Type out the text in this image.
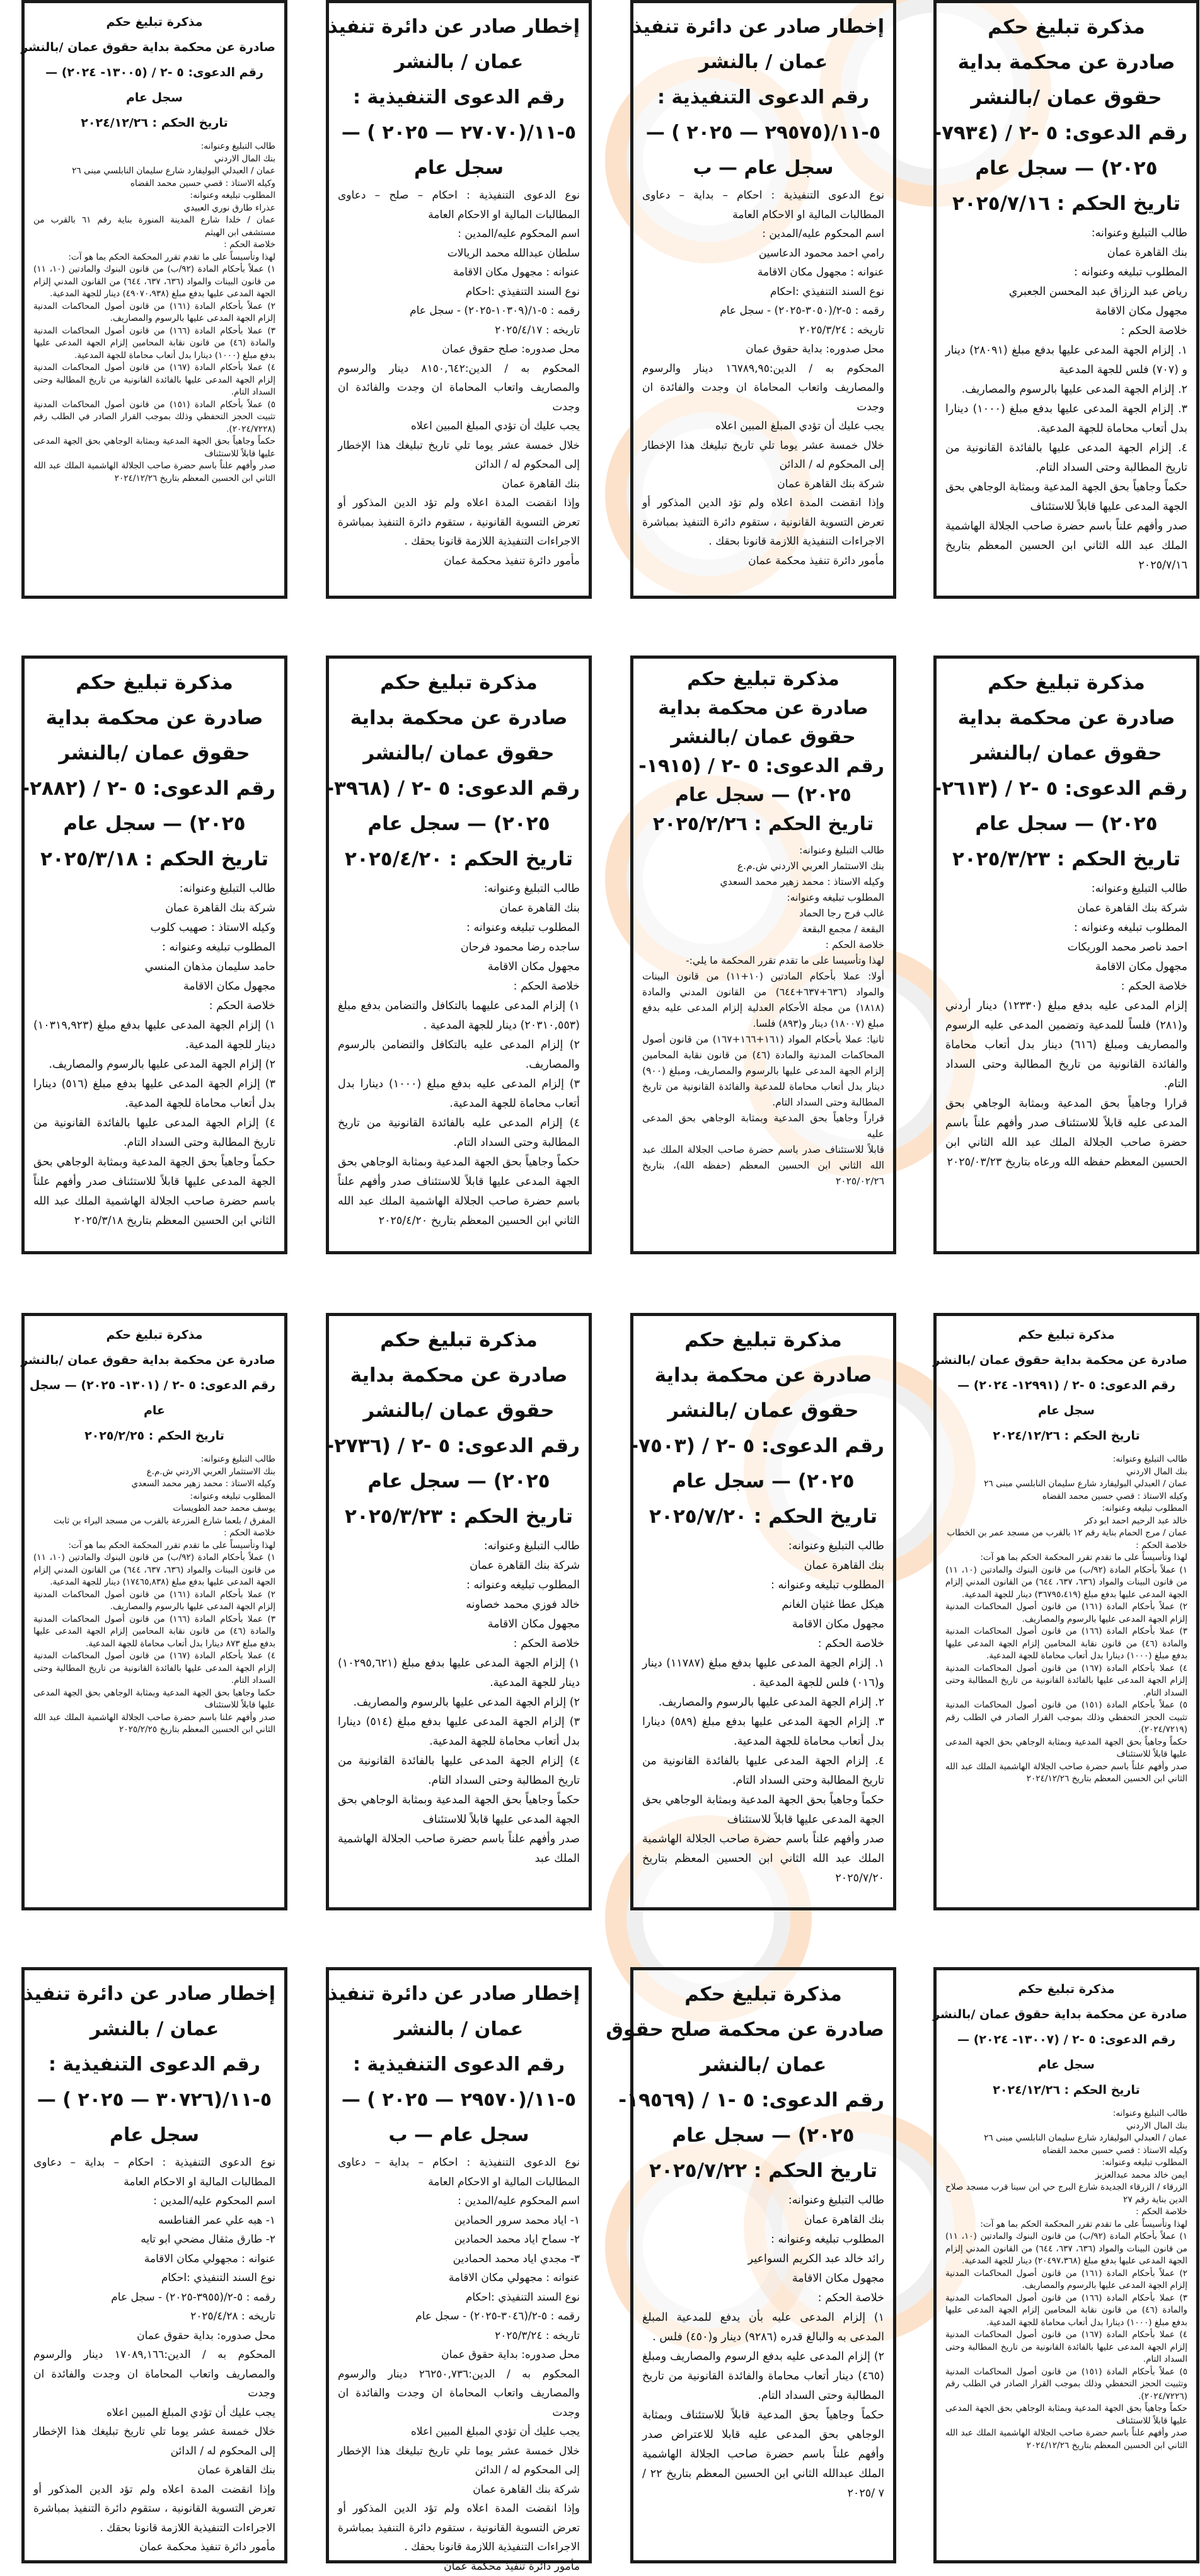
مذكرة تبليغ حكم
صادرة عن محكمة بداية
حقوق عمان /بالنشر
رقم الدعوى: ٥ -٢ / (٧٩٣٤-
٢٠٢٥) — سجل عام
تاريخ الحكم : ٢٠٢٥/٧/١٦

طالب التبليغ وعنوانه:

بنك القاهرة عمان

المطلوب تبليغه وعنوانه :

رياض عبد الرزاق عبد المحسن الجعبري

مجهول مكان الاقامة

خلاصة الحكم :

١. إلزام الجهة المدعى عليها بدفع مبلغ (٢٨٠٩١) دينار و (٧٠٧) فلس للجهة المدعية

٢. إلزام الجهة المدعى عليها بالرسوم والمصاريف.

٣. إلزام الجهة المدعى عليها بدفع مبلغ (١٠٠٠) دينارا بدل أتعاب محاماة للجهة المدعية.

٤. إلزام الجهة المدعى عليها بالفائدة القانونية من تاريخ المطالبة وحتى السداد التام.

حكماً وجاهياً بحق الجهة المدعية وبمثابة الوجاهي بحق الجهة المدعى عليها قابلاً للاستئناف

صدر وأفهم علناً باسم حضرة صاحب الجلالة الهاشمية الملك عبد الله الثاني ابن الحسين المعظم بتاريخ ٢٠٢٥/٧/١٦

إخطار صادر عن دائرة تنفيذ
عمان / بالنشر
رقم الدعوى التنفيذية :
٥-١١/(٢٩٥٧٥ — ٢٠٢٥ ) —
سجل عام — ب

نوع الدعوى التنفيذية : احكام – بداية – دعاوى المطالبات المالية او الاحكام العامة

اسم المحكوم عليه/المدين :

رامي احمد محمود الدعاسين

عنوانه : مجهول مكان الاقامة

نوع السند التنفيذي :احكام

رقمه : ٥-٢/(٣٠٥٠-٢٠٢٥) - سجل عام

تاريخه : ٢٠٢٥/٣/٢٤

محل صدوره: بداية حقوق عمان

المحكوم به / الدين:١٦٧٨٩,٩٥ دينار والرسوم والمصاريف واتعاب المحاماة ان وجدت والفائدة ان وجدت

يجب عليك أن تؤدي المبلغ المبين اعلاه

خلال خمسة عشر يوما تلي تاريخ تبليغك هذا الإخطار إلى المحكوم له / الدائن

شركة بنك القاهرة عمان

وإذا انقضت المدة اعلاه ولم تؤد الدين المذكور أو تعرض التسوية القانونية ، ستقوم دائرة التنفيذ بمباشرة الاجراءات التنفيذية اللازمة قانونا بحقك .

مأمور دائرة تنفيذ محكمة عمان

إخطار صادر عن دائرة تنفيذ
عمان / بالنشر
رقم الدعوى التنفيذية :
٥-١١/(٢٧٠٧٠ — ٢٠٢٥ ) —
سجل عام

نوع الدعوى التنفيذية : احكام – صلح – دعاوى المطالبات المالية او الاحكام العامة

اسم المحكوم عليه/المدين :

سلطان عبدالله محمد الريالات

عنوانه : مجهول مكان الاقامة

نوع السند التنفيذي :احكام

رقمه : ٥-١/(١٠٣٠٩-٢٠٢٥) - سجل عام

تاريخه : ٢٠٢٥/٤/١٧

محل صدوره: صلح حقوق عمان

المحكوم به / الدين:٨١٥٠,٦٤٢ دينار والرسوم والمصاريف واتعاب المحاماة ان وجدت والفائدة ان وجدت

يجب عليك أن تؤدي المبلغ المبين اعلاه

خلال خمسة عشر يوما تلي تاريخ تبليغك هذا الإخطار إلى المحكوم له / الدائن

بنك القاهرة عمان

وإذا انقضت المدة اعلاه ولم تؤد الدين المذكور أو تعرض التسوية القانونية ، ستقوم دائرة التنفيذ بمباشرة الاجراءات التنفيذية اللازمة قانونا بحقك .

مأمور دائرة تنفيذ محكمة عمان

مذكرة تبليغ حكم
صادرة عن محكمة بداية حقوق عمان /بالنشر
رقم الدعوى: ٥ -٢ / (١٣٠٠٥- ٢٠٢٤) —
سجل عام
تاريخ الحكم : ٢٠٢٤/١٢/٢٦

طالب التبليغ وعنوانه:

بنك المال الاردني

عمان / العبدلي البوليفارد شارع سليمان النابلسي مبنى ٢٦

وكيله الاستاذ : قصي حسين محمد القضاه

المطلوب تبليغه وعنوانه:

عذراء طارق نوري العبيدي

عمان / خلدا شارع المدينة المنورة بناية رقم ٦١ بالقرب من مستشفى ابن الهيثم

خلاصة الحكم :

لهذا وتأسيساً على ما تقدم تقرر المحكمة الحكم بما هو آت:

١) عملاً بأحكام المادة (٩٢/ب) من قانون البنوك والمادتين (١٠، ١١) من قانون البينات والمواد (٦٣٦، ٦٣٧، ٦٤٤) من القانون المدني إلزام الجهة المدعى عليها بدفع مبلغ (٤٩٠٧٠،٩٣٨) دينار للجهة المدعية.

٢) عملاً بأحكام المادة (١٦١) من قانون أصول المحاكمات المدنية إلزام الجهة المدعى عليها بالرسوم والمصاريف.

٣) عملا بأحكام المادة (١٦٦) من قانون أصول المحاكمات المدنية والمادة (٤٦) من قانون نقابة المحامين إلزام الجهة المدعى عليها بدفع مبلغ (١٠٠٠) دينارا بدل أتعاب محاماة للجهة المدعية.

٤) عملا بأحكام المادة (١٦٧) من قانون أصول المحاكمات المدنية إلزام الجهة المدعى عليها بالفائدة القانونية من تاريخ المطالبة وحتى السداد التام.

٥) عملاً بأحكام المادة (١٥١) من قانون أصول المحاكمات المدنية تثبيت الحجز التحفظي وذلك بموجب القرار الصادر في الطلب رقم (٢٠٢٤/٧٢٢٨).

حكماً وجاهياً بحق الجهة المدعية وبمثابة الوجاهي بحق الجهة المدعى عليها قابلاً للاستئناف

صدر وأفهم علناً باسم حضرة صاحب الجلالة الهاشمية الملك عبد الله الثاني ابن الحسين المعظم بتاريخ ٢٠٢٤/١٢/٢٦

مذكرة تبليغ حكم
صادرة عن محكمة بداية
حقوق عمان /بالنشر
رقم الدعوى: ٥ -٢ / (٢٦١٣-
٢٠٢٥) — سجل عام
تاريخ الحكم : ٢٠٢٥/٣/٢٣

طالب التبليغ وعنوانه:

شركة بنك القاهرة عمان

المطلوب تبليغه وعنوانه :

احمد ناصر محمد الوريكات

مجهول مكان الاقامة

خلاصة الحكم :

إلزام المدعى عليه بدفع مبلغ (١٢٣٣٠) دينار أردني و(٢٨١) فلساً للمدعية وتضمين المدعى عليه الرسوم والمصاريف ومبلغ (٦١٦) دينار بدل أتعاب محاماة والفائدة القانونية من تاريخ المطالبة وحتى السداد التام.

قرارا وجاهياً بحق المدعية وبمثابة الوجاهي بحق المدعى عليه قابلاً للاستئناف صدر وأفهم علناً باسم حضرة صاحب الجلالة الملك عبد الله الثاني ابن الحسين المعظم حفظه الله ورعاه بتاريخ ٢٠٢٥/٠٣/٢٣

مذكرة تبليغ حكم
صادرة عن محكمة بداية
حقوق عمان /بالنشر
رقم الدعوى: ٥ -٢ / (١٩١٥-
٢٠٢٥) — سجل عام
تاريخ الحكم : ٢٠٢٥/٢/٢٦

طالب التبليغ وعنوانه:

بنك الاستثمار العربي الاردني ش.م.ع

وكيله الاستاذ : محمد زهير محمد السعدي

المطلوب تبليغه وعنوانه:

غالب فرج رجا الحماد

البقعة / مجمع البقعة

خلاصة الحكم :

لهذا وتأسيسا على ما تقدم تقرر المحكمة ما يلي:-

أولا: عملا بأحكام المادتين (١٠+١١) من قانون البينات والمواد (٦٣٦+٦٣٧+٦٤٤) من القانون المدني والمادة (١٨١٨) من مجلة الأحكام العدلية إلزام المدعى عليه بدفع مبلغ (١٨٠٠٧) دينار و(٨٩٣) فلسا.

ثانيا: عملا بأحكام المواد (١٦١+١٦٦+١٦٧) من قانون أصول المحاكمات المدنية والمادة (٤٦) من قانون نقابة المحامين إلزام الجهة المدعى عليها بالرسوم والمصاريف، ومبلغ (٩٠٠) دينار بدل أتعاب محاماة للمدعية والفائدة القانونية من تاريخ المطالبة وحتى السداد التام.

قراراً وجاهياً بحق المدعية وبمثابة الوجاهي بحق المدعى عليه

قابلاً للاستئناف صدر باسم حضرة صاحب الجلالة الملك عبد الله الثاني ابن الحسين المعظم (حفظه الله)، بتاريخ ٢٠٢٥/٠٢/٢٦

مذكرة تبليغ حكم
صادرة عن محكمة بداية
حقوق عمان /بالنشر
رقم الدعوى: ٥ -٢ / (٣٩٦٨-
٢٠٢٥) — سجل عام
تاريخ الحكم : ٢٠٢٥/٤/٢٠

طالب التبليغ وعنوانه:

بنك القاهرة عمان

المطلوب تبليغه وعنوانه :

ساجده رضا محمود فرحان

مجهول مكان الاقامة

خلاصة الحكم :

١) إلزام المدعى عليهما بالتكافل والتضامن بدفع مبلغ (٢٠٣١٠,٥٥٣) دينار للجهة المدعية .

٢) إلزام المدعى عليه بالتكافل والتضامن بالرسوم والمصاريف.

٣) إلزام المدعى عليه بدفع مبلغ (١٠٠٠) دينارا بدل أتعاب محاماة للجهة المدعية.

٤) إلزام المدعى عليه بالفائدة القانونية من تاريخ المطالبة وحتى السداد التام.

حكماً وجاهياً بحق الجهة المدعية وبمثابة الوجاهي بحق الجهة المدعى عليها قابلاً للاستئناف صدر وأفهم علناً باسم حضرة صاحب الجلالة الهاشمية الملك عبد الله الثاني ابن الحسين المعظم بتاريخ ٢٠٢٥/٤/٢٠

مذكرة تبليغ حكم
صادرة عن محكمة بداية
حقوق عمان /بالنشر
رقم الدعوى: ٥ -٢ / (٢٨٨٢-
٢٠٢٥) — سجل عام
تاريخ الحكم : ٢٠٢٥/٣/١٨

طالب التبليغ وعنوانه:

شركة بنك القاهرة عمان

وكيله الاستاذ : صهيب كلوب

المطلوب تبليغه وعنوانه :

حامد سليمان مذهان المنسي

مجهول مكان الاقامة

خلاصة الحكم :

١) إلزام الجهة المدعى عليها بدفع مبلغ (١٠٣١٩,٩٢٣) دينار للجهة المدعية.

٢) إلزام الجهة المدعى عليها بالرسوم والمصاريف.

٣) إلزام الجهة المدعى عليها بدفع مبلغ (٥١٦) دينارا بدل أتعاب محاماة للجهة المدعية.

٤) إلزام الجهة المدعى عليها بالفائدة القانونية من تاريخ المطالبة وحتى السداد التام.

حكماً وجاهياً بحق الجهة المدعية وبمثابة الوجاهي بحق الجهة المدعى عليها قابلاً للاستئناف صدر وأفهم علناً باسم حضرة صاحب الجلالة الهاشمية الملك عبد الله الثاني ابن الحسين المعظم بتاريخ ٢٠٢٥/٣/١٨

مذكرة تبليغ حكم
صادرة عن محكمة بداية حقوق عمان /بالنشر
رقم الدعوى: ٥ -٢ / (١٢٩٩١- ٢٠٢٤) —
سجل عام
تاريخ الحكم : ٢٠٢٤/١٢/٢٦

طالب التبليغ وعنوانه:

بنك المال الاردني

عمان / العبدلي البوليفارد شارع سليمان النابلسي مبنى ٢٦

وكيله الاستاذ : قصي حسين محمد القضاه

المطلوب تبليغه وعنوانه:

خالد عبد الرحيم احمد ابو دكر

عمان / مرج الحمام بناية رقم ١٢ بالقرب من مسجد عمر بن الخطاب

خلاصة الحكم :

لهذا وتأسيساً على ما تقدم تقرر المحكمة الحكم بما هو آت:

١) عملاً بأحكام المادة (٩٢/ب) من قانون البنوك والمادتين (١٠، ١١) من قانون البينات والمواد (٦٣٦، ٦٣٧، ٦٤٤) من القانون المدني إلزام الجهة المدعى عليها بدفع مبلغ (٣٦٧٩٥،٤١٩) دينار للجهة المدعية.

٢) عملاً بأحكام المادة (١٦١) من قانون أصول المحاكمات المدنية إلزام الجهة المدعى عليها بالرسوم والمصاريف.

٣) عملا بأحكام المادة (١٦٦) من قانون أصول المحاكمات المدنية والمادة (٤٦) من قانون نقابة المحامين إلزام الجهة المدعى عليها بدفع مبلغ (١٠٠٠) دينارا بدل أتعاب محاماة للجهة المدعية.

٤) عملا بأحكام المادة (١٦٧) من قانون أصول المحاكمات المدنية إلزام الجهة المدعى عليها بالفائدة القانونية من تاريخ المطالبة وحتى السداد التام.

٥) عملاً بأحكام المادة (١٥١) من قانون أصول المحاكمات المدنية تثبيت الحجز التحفظي وذلك بموجب القرار الصادر في الطلب رقم (٢٠٢٤/٧٢١٩).

حكماً وجاهياً بحق الجهة المدعية وبمثابة الوجاهي بحق الجهة المدعى عليها قابلاً للاستئناف

صدر وأفهم علناً باسم حضرة صاحب الجلالة الهاشمية الملك عبد الله الثاني ابن الحسين المعظم بتاريخ ٢٠٢٤/١٢/٢٦

مذكرة تبليغ حكم
صادرة عن محكمة بداية
حقوق عمان /بالنشر
رقم الدعوى: ٥ -٢ / (٧٥٠٣-
٢٠٢٥) — سجل عام
تاريخ الحكم : ٢٠٢٥/٧/٢٠

طالب التبليغ وعنوانه:

بنك القاهرة عمان

المطلوب تبليغه وعنوانه :

هيكل عطا غثيان الغانم

مجهول مكان الاقامة

خلاصة الحكم :

١. إلزام الجهة المدعى عليها بدفع مبلغ (١١٧٨٧) دينار و(٠١٦) فلس للجهة المدعية .

٢. إلزام الجهة المدعى عليها بالرسوم والمصاريف.

٣. إلزام الجهة المدعى عليها بدفع مبلغ (٥٨٩) دينارا بدل أتعاب محاماة للجهة المدعية.

٤. إلزام الجهة المدعى عليها بالفائدة القانونية من تاريخ المطالبة وحتى السداد التام.

حكماً وجاهياً بحق الجهة المدعية وبمثابة الوجاهي بحق الجهة المدعى عليها قابلاً للاستئناف

صدر وأفهم علناً باسم حضرة صاحب الجلالة الهاشمية الملك عبد الله الثاني ابن الحسين المعظم بتاريخ ٢٠٢٥/٧/٢٠

مذكرة تبليغ حكم
صادرة عن محكمة بداية
حقوق عمان /بالنشر
رقم الدعوى: ٥ -٢ / (٢٧٣٦-
٢٠٢٥) — سجل عام
تاريخ الحكم : ٢٠٢٥/٣/٢٣

طالب التبليغ وعنوانه:

شركة بنك القاهرة عمان

المطلوب تبليغه وعنوانه :

خالد فوزي محمد خصاونه

مجهول مكان الاقامة

خلاصة الحكم :

١) إلزام الجهة المدعى عليها بدفع مبلغ (١٠٢٩٥,٦٢١) دينار للجهة المدعية.

٢) إلزام الجهة المدعى عليها بالرسوم والمصاريف.

٣) إلزام الجهة المدعى عليها بدفع مبلغ (٥١٤) دينارا بدل أتعاب محاماة للجهة المدعية.

٤) إلزام الجهة المدعى عليها بالفائدة القانونية من تاريخ المطالبة وحتى السداد التام.

حكماً وجاهياً بحق الجهة المدعية وبمثابة الوجاهي بحق الجهة المدعى عليها قابلاً للاستئناف

صدر وأفهم علناً باسم حضرة صاحب الجلالة الهاشمية الملك عبد

مذكرة تبليغ حكم
صادرة عن محكمة بداية حقوق عمان /بالنشر
رقم الدعوى: ٥ -٢ / (١٣٠١- ٢٠٢٥) — سجل
عام
تاريخ الحكم : ٢٠٢٥/٢/٢٥

طالب التبليغ وعنوانه:

بنك الاستثمار العربي الاردني ش.م.ع

وكيله الاستاذ : محمد زهير محمد السعدي

المطلوب تبليغه وعنوانه:

يوسف محمد حمد الطويسات

المفرق / بلعما شارع المزرعة بالقرب من مسجد البراء بن ثابت

خلاصة الحكم :

لهذا وتأسيساً على ما تقدم تقرر المحكمة الحكم بما هو آت:

١) عملاً بأحكام المادة (٩٢/ب) من قانون البنوك والمادتين (١٠، ١١) من قانون البينات والمواد (٦٣٦، ٦٣٧، ٦٤٤) من القانون المدني إلزام الجهة المدعى عليها بدفع مبلغ (١٧٤٦٥,٨٣٨) دينار للجهة المدعية.

٢) عملا بأحكام المادة (١٦١) من قانون أصول المحاكمات المدنية إلزام الجهة المدعى عليها بالرسوم والمصاريف.

٣) عملا بأحكام المادة (١٦٦) من قانون أصول المحاكمات المدنية والمادة (٤٦) من قانون نقابة المحامين إلزام الجهة المدعى عليها بدفع مبلغ ٨٧٣ دينارا بدل أتعاب محاماة للجهة المدعية.

٤) عملا بأحكام المادة (١٦٧) من قانون أصول المحاكمات المدنية إلزام الجهة المدعى عليها بالفائدة القانونية من تاريخ المطالبة وحتى السداد التام.

حكما وجاهيا بحق الجهة المدعية وبمثابة الوجاهي بحق الجهة المدعى عليها قابلاً للاستئناف

صدر وأفهم علنا باسم حضرة صاحب الجلالة الهاشمية الملك عبد الله الثاني ابن الحسين المعظم بتاريخ ٢٠٢٥/٢/٢٥

مذكرة تبليغ حكم
صادرة عن محكمة بداية حقوق عمان /بالنشر
رقم الدعوى: ٥ -٢ / (١٣٠٠٧- ٢٠٢٤) —
سجل عام
تاريخ الحكم : ٢٠٢٤/١٢/٢٦

طالب التبليغ وعنوانه:

بنك المال الاردني

عمان / العبدلي البوليفارد شارع سليمان النابلسي مبنى ٢٦

وكيله الاستاذ : قصي حسين محمد القضاه

المطلوب تبليغه وعنوانه:

ايمن خالد محمد عبدالعزيز

الزرقاء / الزرقاء الجديدة شارع البرج حي ابن سينا قرب مسجد صلاح الدين بناية رقم ٢٧

خلاصة الحكم :

لهذا وتأسيساً على ما تقدم تقرر المحكمة الحكم بما هو آت:

١) عملاً بأحكام المادة (٩٢/ب) من قانون البنوك والمادتين (١٠، ١١) من قانون البينات والمواد (٦٣٦، ٦٣٧، ٦٤٤) من القانون المدني إلزام الجهة المدعى عليها بدفع مبلغ (٢٠٤٩٧،٣٦٨) دينار للجهة المدعية.

٢) عملاً بأحكام المادة (١٦١) من قانون أصول المحاكمات المدنية إلزام الجهة المدعى عليها بالرسوم والمصاريف.

٣) عملا بأحكام المادة (١٦٦) من قانون أصول المحاكمات المدنية والمادة (٤٦) من قانون نقابة المحامين إلزام الجهة المدعى عليها بدفع مبلغ (١٠٠٠) دينارا بدل أتعاب محاماة للجهة المدعية.

٤) عملا بأحكام المادة (١٦٧) من قانون أصول المحاكمات المدنية إلزام الجهة المدعى عليها بالفائدة القانونية من تاريخ المطالبة وحتى السداد التام.

٥) عملاً بأحكام المادة (١٥١) من قانون أصول المحاكمات المدنية وتثبيت الحجز التحفظي وذلك بموجب القرار الصادر في الطلب رقم (٢٠٢٤/٧٢٢٦).

حكماً وجاهياً بحق الجهة المدعية وبمثابة الوجاهي بحق الجهة المدعى عليها قابلاً للاستئناف

صدر وأفهم علناً باسم حضرة صاحب الجلالة الهاشمية الملك عبد الله الثاني ابن الحسين المعظم بتاريخ ٢٠٢٤/١٢/٢٦

مذكرة تبليغ حكم
صادرة عن محكمة صلح حقوق
عمان /بالنشر
رقم الدعوى: ٥ -١ / (١٩٥٦٩-
٢٠٢٥) — سجل عام
تاريخ الحكم : ٢٠٢٥/٧/٢٢

طالب التبليغ وعنوانه:

بنك القاهرة عمان

المطلوب تبليغه وعنوانه :

رائد خالد عبد الكريم السواعير

مجهول مكان الاقامة

خلاصة الحكم :

١) إلزام المدعى عليه بأن يدفع للمدعية المبلغ المدعى به والبالغ قدره (٩٢٨٦) دينار و(٤٥٠) فلس .

٢) إلزام المدعى عليه بدفع الرسوم والمصاريف ومبلغ (٤٦٥) دينار أتعاب محاماة والفائدة القانونية من تاريخ المطالبة وحتى السداد التام.

حكماً وجاهياً بحق المدعية قابلاً للاستئناف وبمثابة الوجاهي بحق المدعى عليه قابلا للاعتراض صدر وأفهم علناً باسم حضرة صاحب الجلالة الهاشمية الملك عبدالله الثاني ابن الحسين المعظم بتاريخ ٢٢ / ٧ /٢٠٢٥

إخطار صادر عن دائرة تنفيذ
عمان / بالنشر
رقم الدعوى التنفيذية :
٥-١١/(٢٩٥٧٠ — ٢٠٢٥ ) —
سجل عام — ب

نوع الدعوى التنفيذية : احكام – بداية – دعاوى المطالبات المالية او الاحكام العامة

اسم المحكوم عليه/المدين :

١- اياد محمد سرور الحمادين

٢- سماح اياد محمد الحمادين

٣- مجدي اياد محمد الحمادين

عنوانه : مجهولي مكان الاقامة

نوع السند التنفيذي :احكام

رقمه : ٥-٢/(٣٠٤٦-٢٠٢٥) - سجل عام

تاريخه : ٢٠٢٥/٣/٢٤

محل صدوره: بداية حقوق عمان

المحكوم به / الدين:٢٦٢٥٠,٧٣٦ دينار والرسوم والمصاريف واتعاب المحاماة ان وجدت والفائدة ان وجدت

يجب عليك أن تؤدي المبلغ المبين اعلاه

خلال خمسة عشر يوما تلي تاريخ تبليغك هذا الإخطار إلى المحكوم له / الدائن

شركة بنك القاهرة عمان

وإذا انقضت المدة اعلاه ولم تؤد الدين المذكور أو تعرض التسوية القانونية ، ستقوم دائرة التنفيذ بمباشرة الاجراءات التنفيذية اللازمة قانونا بحقك .

مأمور دائرة تنفيذ محكمة عمان

إخطار صادر عن دائرة تنفيذ
عمان / بالنشر
رقم الدعوى التنفيذية :
٥-١١/(٣٠٧٢٦ — ٢٠٢٥ ) —
سجل عام

نوع الدعوى التنفيذية : احكام – بداية – دعاوى المطالبات المالية او الاحكام العامة

اسم المحكوم عليه/المدين :

١- هبه علي عمر الفناطسه

٢- طارق مثقال مضحي ابو تايه

عنوانه : مجهولي مكان الاقامة

نوع السند التنفيذي :احكام

رقمه : ٥-٢/(٣٩٥٥-٢٠٢٥) - سجل عام

تاريخه : ٢٠٢٥/٤/٢٨

محل صدوره: بداية حقوق عمان

المحكوم به / الدين:١٧٠٨٩,١٦٦ دينار والرسوم والمصاريف واتعاب المحاماة ان وجدت والفائدة ان وجدت

يجب عليك أن تؤدي المبلغ المبين اعلاه

خلال خمسة عشر يوما تلي تاريخ تبليغك هذا الإخطار إلى المحكوم له / الدائن

بنك القاهرة عمان

وإذا انقضت المدة اعلاه ولم تؤد الدين المذكور أو تعرض التسوية القانونية ، ستقوم دائرة التنفيذ بمباشرة الاجراءات التنفيذية اللازمة قانونا بحقك .

مأمور دائرة تنفيذ محكمة عمان
